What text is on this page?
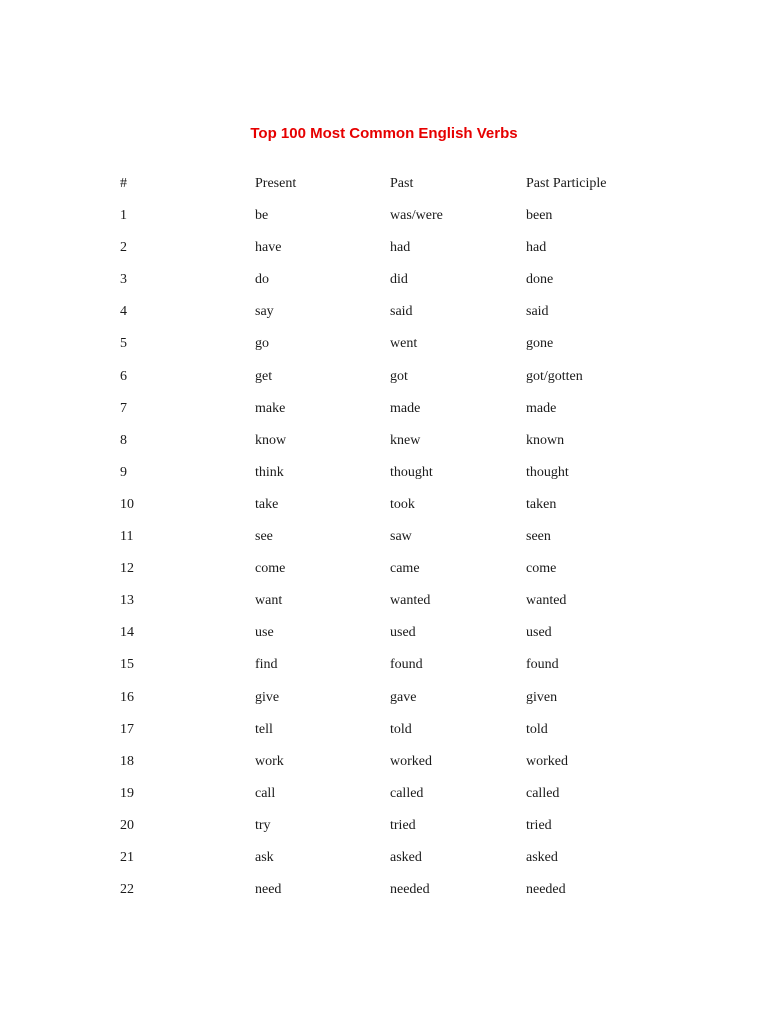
Top 100 Most Common English Verbs
#	Present	Past	Past Participle
1	be	was/were	been
2	have	had	had
3	do	did	done
4	say	said	said
5	go	went	gone
6	get	got	got/gotten
7	make	made	made
8	know	knew	known
9	think	thought	thought
10	take	took	taken
11	see	saw	seen
12	come	came	come
13	want	wanted	wanted
14	use	used	used
15	find	found	found
16	give	gave	given
17	tell	told	told
18	work	worked	worked
19	call	called	called
20	try	tried	tried
21	ask	asked	asked
22	need	needed	needed
